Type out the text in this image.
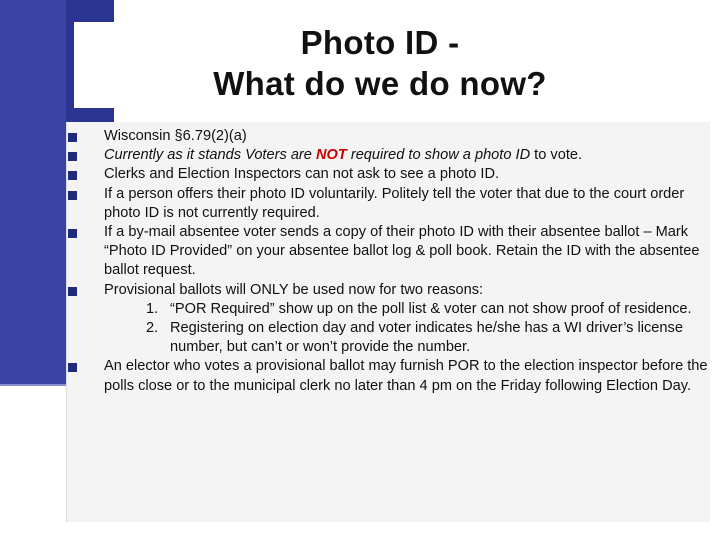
Photo ID -
What do we do now?

Wisconsin §6.79(2)(a)

Currently as it stands Voters are NOT required to show a photo ID to vote.

Clerks and Election Inspectors can not ask to see a photo ID.

If a person offers their photo ID voluntarily. Politely tell the voter that due to the court order photo ID is not currently required.

If a by-mail absentee voter sends a copy of their photo ID with their absentee ballot – Mark “Photo ID Provided” on your absentee ballot log & poll book. Retain the ID with the absentee ballot request.

Provisional ballots will ONLY be used now for two reasons:

1. “POR Required” show up on the poll list & voter can not show proof of residence.

2. Registering on election day and voter indicates he/she has a WI driver’s license number, but can’t or won’t provide the number.

An elector who votes a provisional ballot may furnish POR to the election inspector before the polls close or to the municipal clerk no later than 4 pm on the Friday following Election Day.
